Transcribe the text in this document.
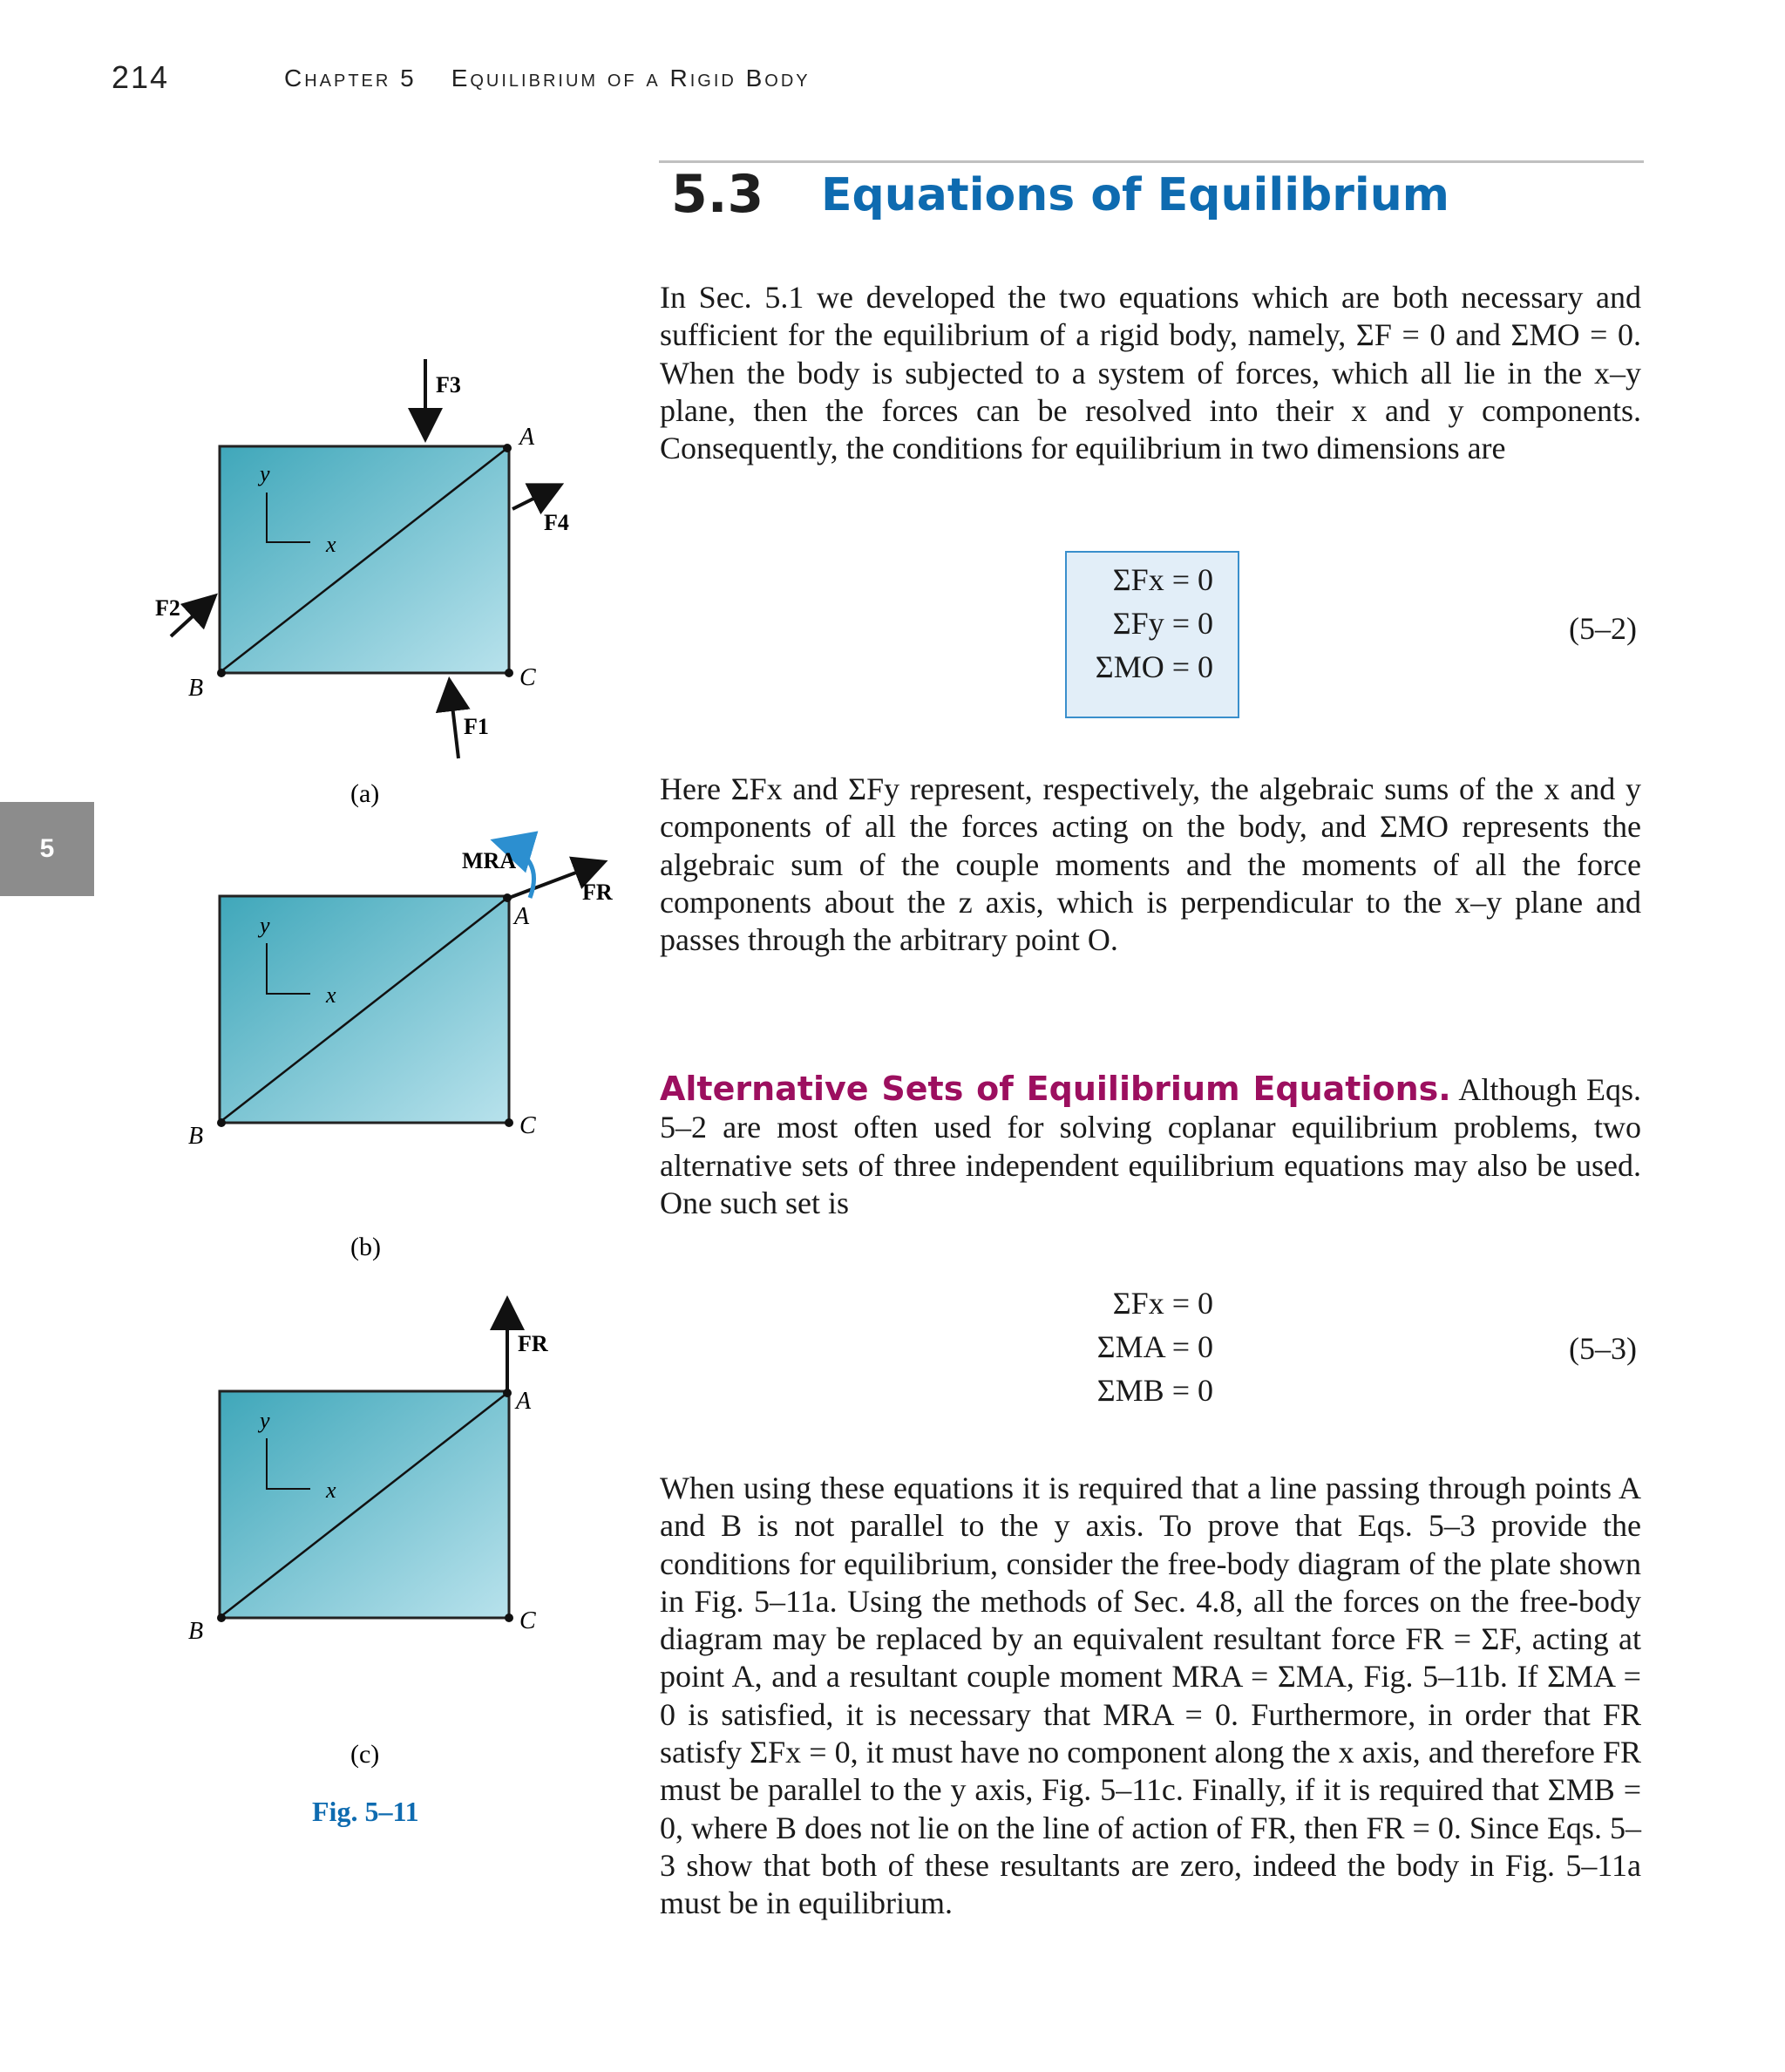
214	Chapter 5 Equilibrium of a Rigid Body
5
5.3 Equations of Equilibrium
In Sec. 5.1 we developed the two equations which are both necessary and sufficient for the equilibrium of a rigid body, namely, ΣF = 0 and ΣMO = 0. When the body is subjected to a system of forces, which all lie in the x–y plane, then the forces can be resolved into their x and y components. Consequently, the conditions for equilibrium in two dimensions are
ΣFx = 0
ΣFy = 0
ΣMO = 0
(5–2)
Here ΣFx and ΣFy represent, respectively, the algebraic sums of the x and y components of all the forces acting on the body, and ΣMO represents the algebraic sum of the couple moments and the moments of all the force components about the z axis, which is perpendicular to the x–y plane and passes through the arbitrary point O.
Alternative Sets of Equilibrium Equations. Although Eqs. 5–2 are most often used for solving coplanar equilibrium problems, two alternative sets of three independent equilibrium equations may also be used. One such set is
ΣFx = 0
ΣMA = 0
ΣMB = 0
(5–3)
When using these equations it is required that a line passing through points A and B is not parallel to the y axis. To prove that Eqs. 5–3 provide the conditions for equilibrium, consider the free-body diagram of the plate shown in Fig. 5–11a. Using the methods of Sec. 4.8, all the forces on the free-body diagram may be replaced by an equivalent resultant force FR = ΣF, acting at point A, and a resultant couple moment MRA = ΣMA, Fig. 5–11b. If ΣMA = 0 is satisfied, it is necessary that MRA = 0. Furthermore, in order that FR satisfy ΣFx = 0, it must have no component along the x axis, and therefore FR must be parallel to the y axis, Fig. 5–11c. Finally, if it is required that ΣMB = 0, where B does not lie on the line of action of FR, then FR = 0. Since Eqs. 5–3 show that both of these resultants are zero, indeed the body in Fig. 5–11a must be in equilibrium.
y
x
A
B	C
F3
F4
F2
F1
(a)
y
x
A
B	C
FR
MRA
(b)
y
x
A
B	C
FR
(c)
Fig. 5–11
